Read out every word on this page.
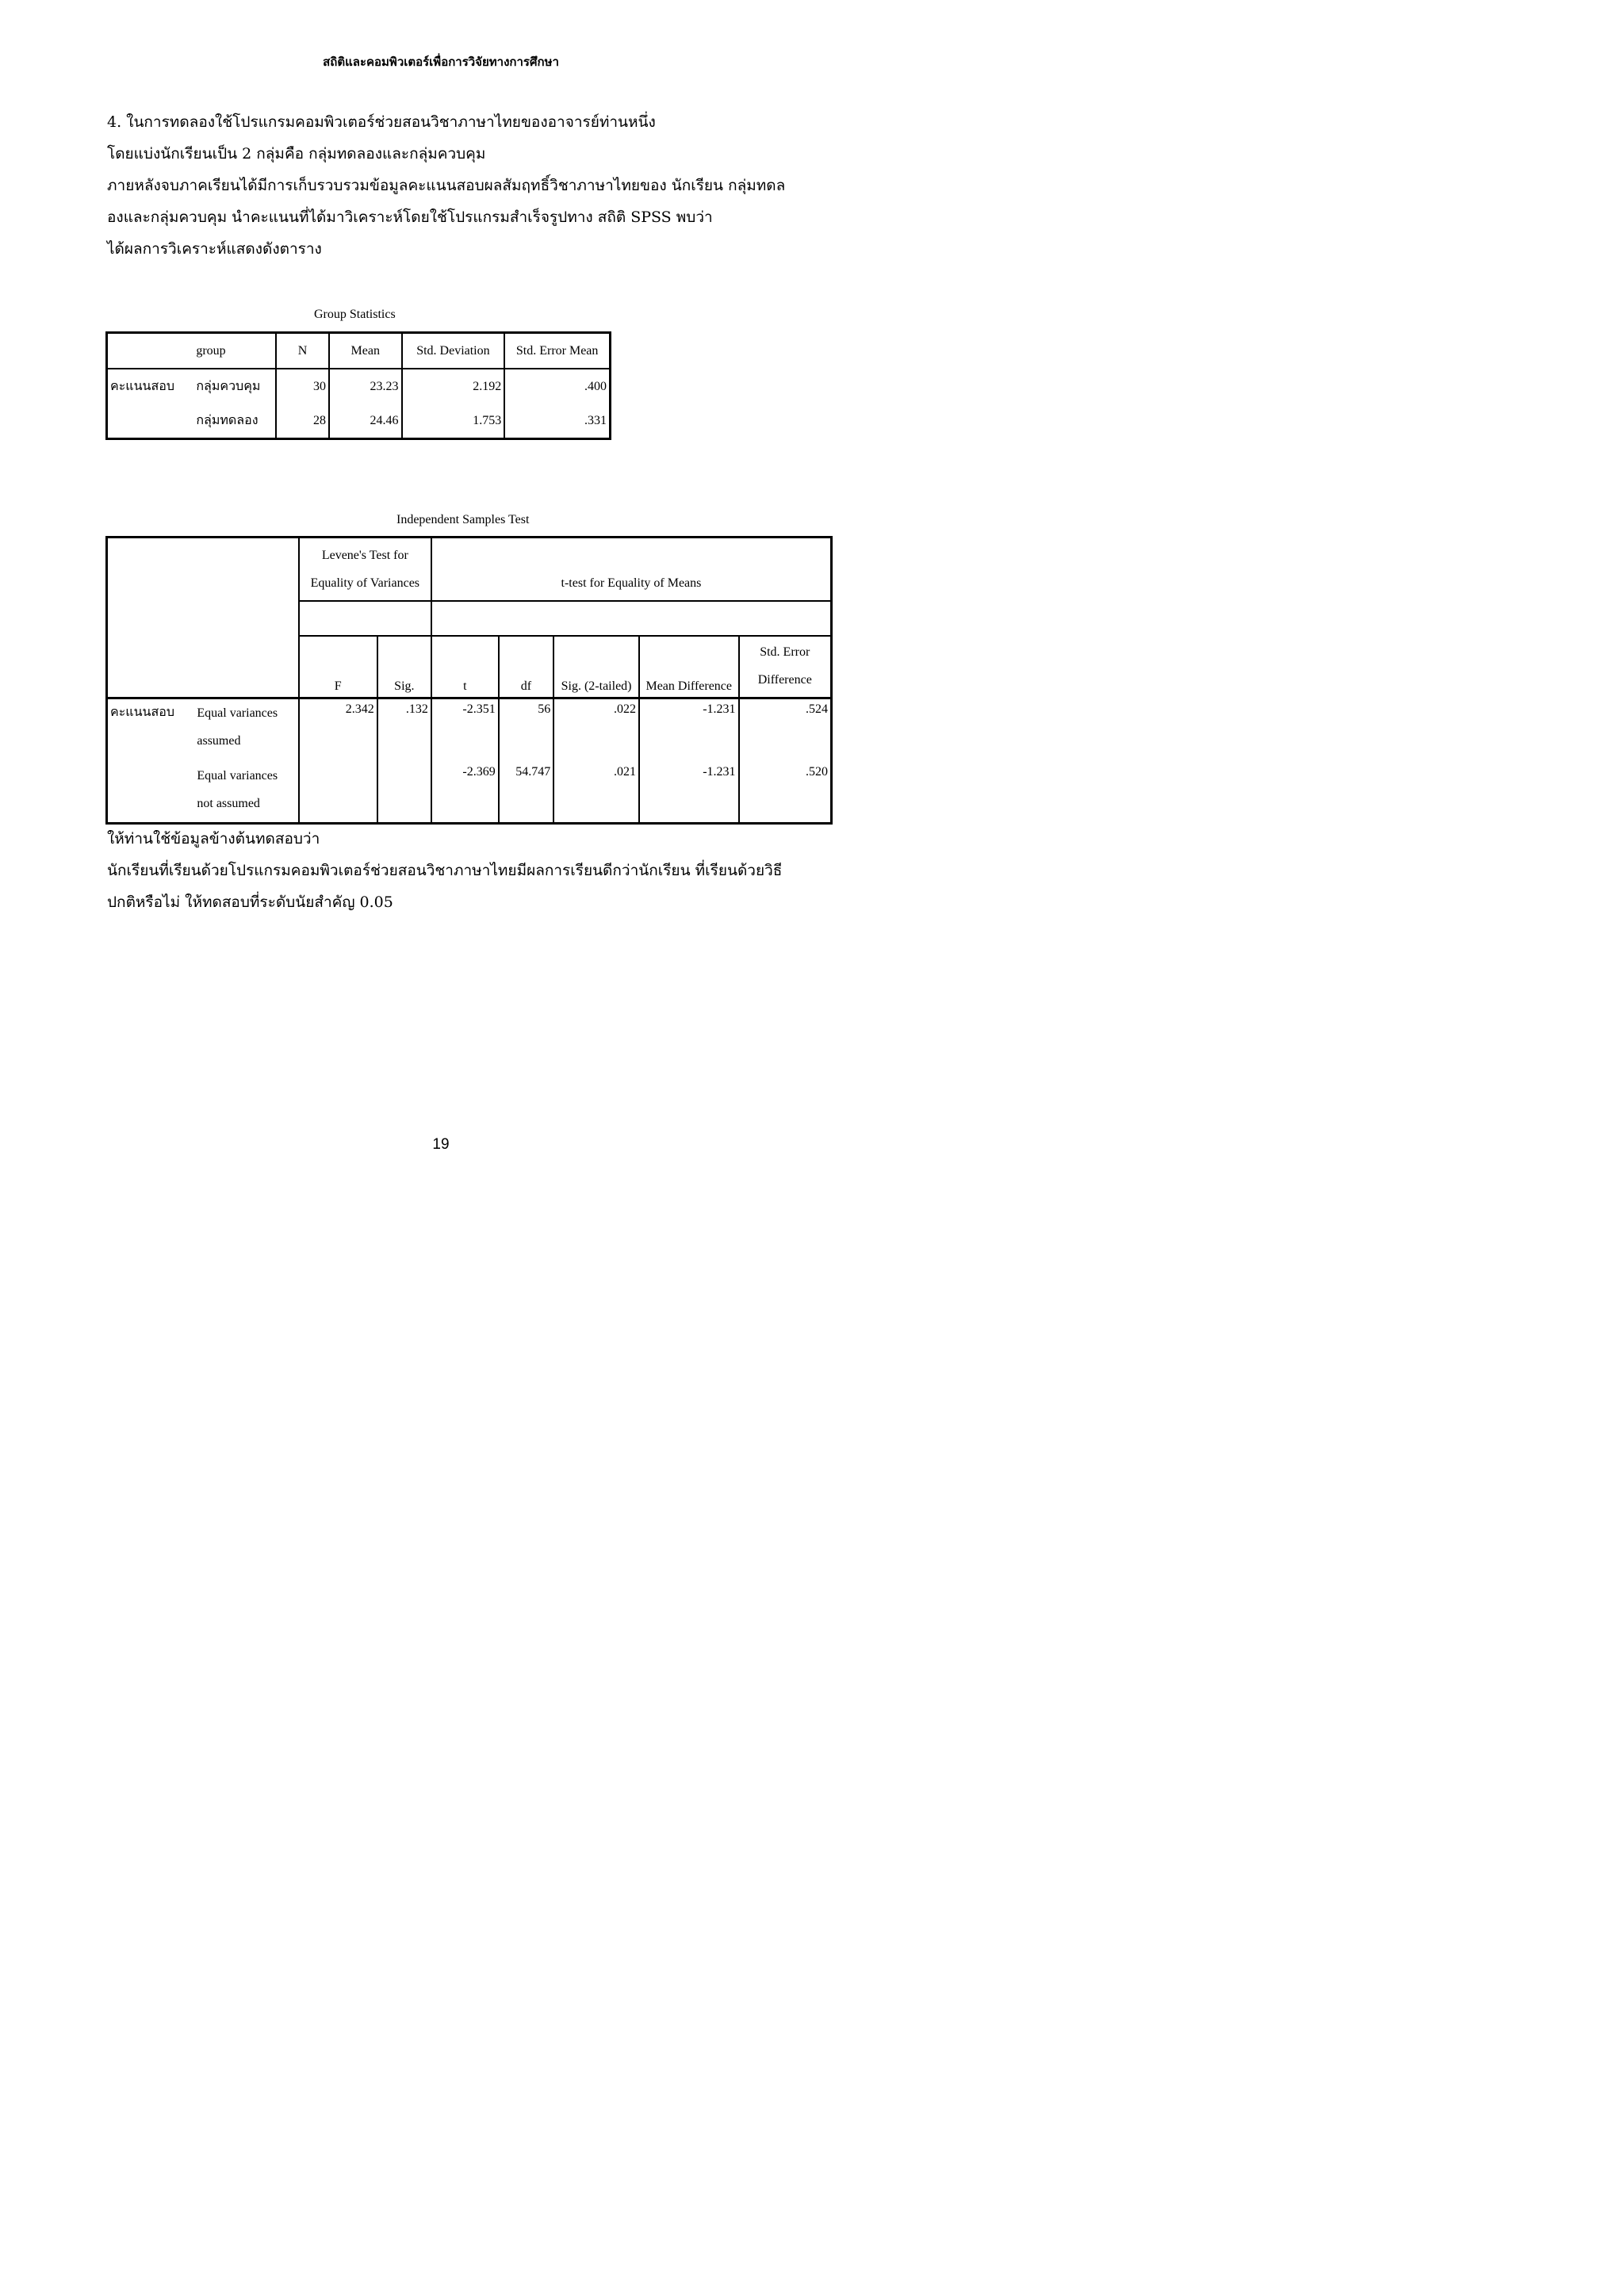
สถิติและคอมพิวเตอร์เพื่อการวิจัยทางการศึกษา
4. ในการทดลองใช้โปรแกรมคอมพิวเตอร์ช่วยสอนวิชาภาษาไทยของอาจารย์ท่านหนึ่ง
โดยแบ่งนักเรียนเป็น 2 กลุ่มคือ กลุ่มทดลองและกลุ่มควบคุม
ภายหลังจบภาคเรียนได้มีการเก็บรวบรวมข้อมูลคะแนนสอบผลสัมฤทธิ์วิชาภาษาไทยของ นักเรียน กลุ่มทดล
องและกลุ่มควบคุม นำคะแนนที่ได้มาวิเคราะห์โดยใช้โปรแกรมสำเร็จรูปทาง สถิติ SPSS พบว่า
ได้ผลการวิเคราะห์แสดงดังตาราง
Group Statistics
	group	N	Mean	Std. Deviation	Std. Error Mean
คะแนนสอบ	กลุ่มควบคุม	30	23.23	2.192	.400
	กลุ่มทดลอง	28	24.46	1.753	.331
Independent Samples Test

		Levene's Test for
Equality of Variances		t-test for Equality of Means				

		F	Sig.	t	df	Sig. (2-tailed)	Mean Difference	Std. Error
Difference

คะแนนสอบ	Equal variances
assumed	2.342	.132	-2.351	56	.022	-1.231	.524

	Equal variances
not assumed			-2.369	54.747	.021	-1.231	.520
ให้ท่านใช้ข้อมูลข้างต้นทดสอบว่า
นักเรียนที่เรียนด้วยโปรแกรมคอมพิวเตอร์ช่วยสอนวิชาภาษาไทยมีผลการเรียนดีกว่านักเรียน ที่เรียนด้วยวิธี
ปกติหรือไม่ ให้ทดสอบที่ระดับนัยสำคัญ 0.05
19
